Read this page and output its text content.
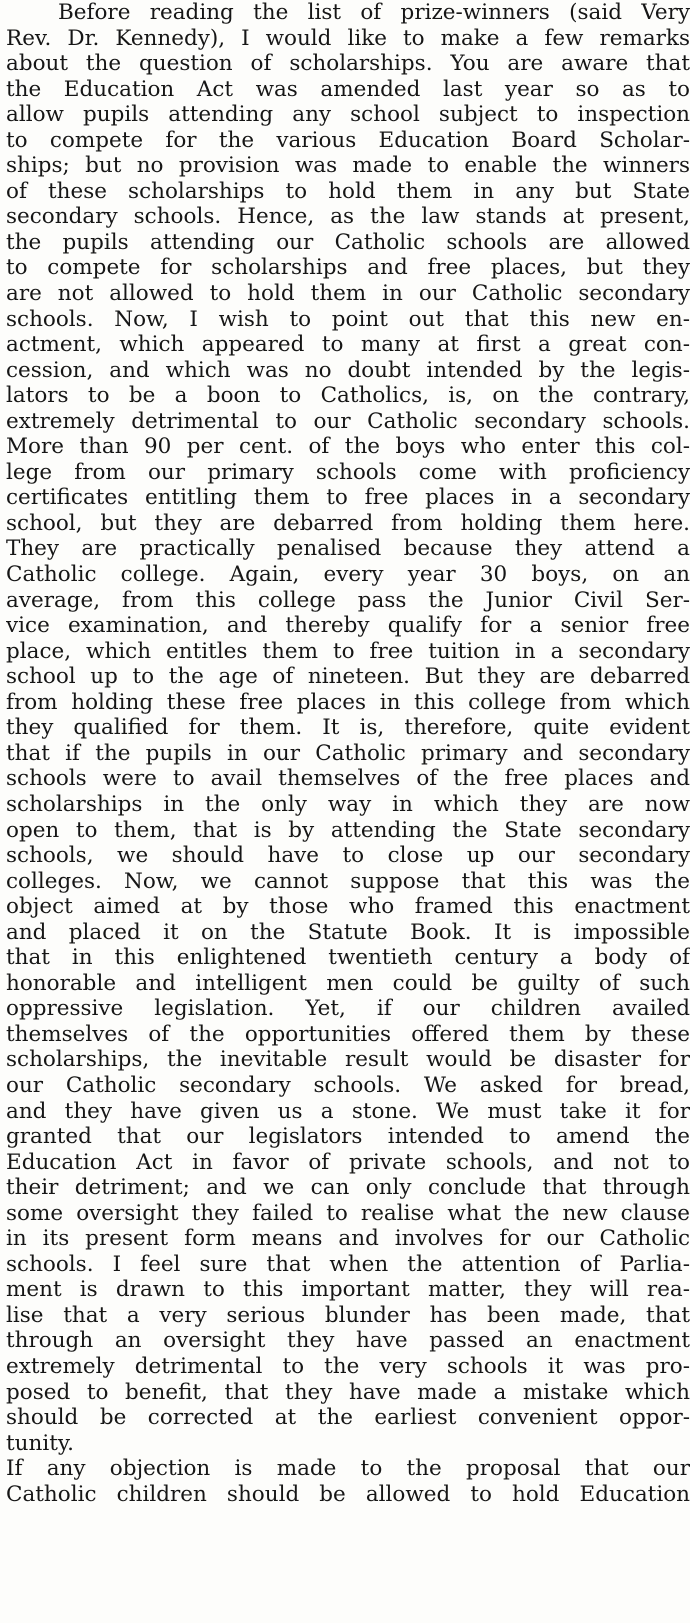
Before reading the list of prize-winners (said Very
Rev. Dr. Kennedy), I would like to make a few remarks
about the question of scholarships. You are aware that
the Education Act was amended last year so as to
allow pupils attending any school subject to inspection
to compete for the various Education Board Scholar-
ships; but no provision was made to enable the winners
of these scholarships to hold them in any but State
secondary schools. Hence, as the law stands at present,
the pupils attending our Catholic schools are allowed
to compete for scholarships and free places, but they
are not allowed to hold them in our Catholic secondary
schools. Now, I wish to point out that this new en-
actment, which appeared to many at first a great con-
cession, and which was no doubt intended by the legis-
lators to be a boon to Catholics, is, on the contrary,
extremely detrimental to our Catholic secondary schools.
More than 90 per cent. of the boys who enter this col-
lege from our primary schools come with proficiency
certificates entitling them to free places in a secondary
school, but they are debarred from holding them here.
They are practically penalised because they attend a
Catholic college. Again, every year 30 boys, on an
average, from this college pass the Junior Civil Ser-
vice examination, and thereby qualify for a senior free
place, which entitles them to free tuition in a secondary
school up to the age of nineteen. But they are debarred
from holding these free places in this college from which
they qualified for them. It is, therefore, quite evident
that if the pupils in our Catholic primary and secondary
schools were to avail themselves of the free places and
scholarships in the only way in which they are now
open to them, that is by attending the State secondary
schools, we should have to close up our secondary
colleges. Now, we cannot suppose that this was the
object aimed at by those who framed this enactment
and placed it on the Statute Book. It is impossible
that in this enlightened twentieth century a body of
honorable and intelligent men could be guilty of such
oppressive legislation. Yet, if our children availed
themselves of the opportunities offered them by these
scholarships, the inevitable result would be disaster for
our Catholic secondary schools. We asked for bread,
and they have given us a stone. We must take it for
granted that our legislators intended to amend the
Education Act in favor of private schools, and not to
their detriment; and we can only conclude that through
some oversight they failed to realise what the new clause
in its present form means and involves for our Catholic
schools. I feel sure that when the attention of Parlia-
ment is drawn to this important matter, they will rea-
lise that a very serious blunder has been made, that
through an oversight they have passed an enactment
extremely detrimental to the very schools it was pro-
posed to benefit, that they have made a mistake which
should be corrected at the earliest convenient oppor-
tunity.
If any objection is made to the proposal that our
Catholic children should be allowed to hold Education
